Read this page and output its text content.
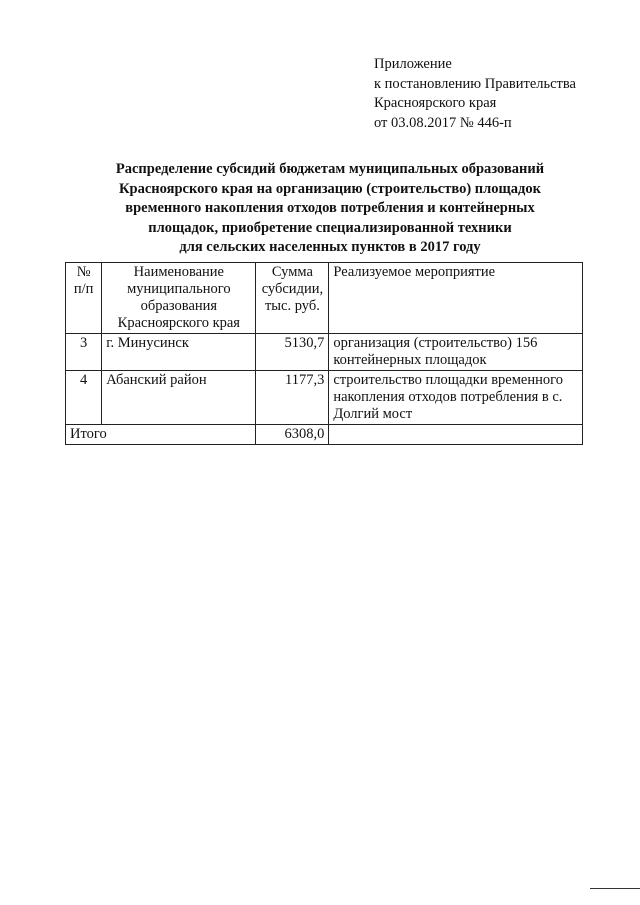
Приложение
к постановлению Правительства
Красноярского края
от 03.08.2017 № 446-п
Распределение субсидий бюджетам муниципальных образований
Красноярского края на организацию (строительство) площадок
временного накопления отходов потребления и контейнерных
площадок, приобретение специализированной техники
для сельских населенных пунктов в 2017 году
№ п/п	Наименование муниципального образования Красноярского края	Сумма субсидии, тыс. руб.	Реализуемое мероприятие
3	г. Минусинск	5130,7	организация (строительство) 156 контейнерных площадок
4	Абанский район	1177,3	строительство площадки временного накопления отходов потребления в с. Долгий мост
Итого		6308,0	
